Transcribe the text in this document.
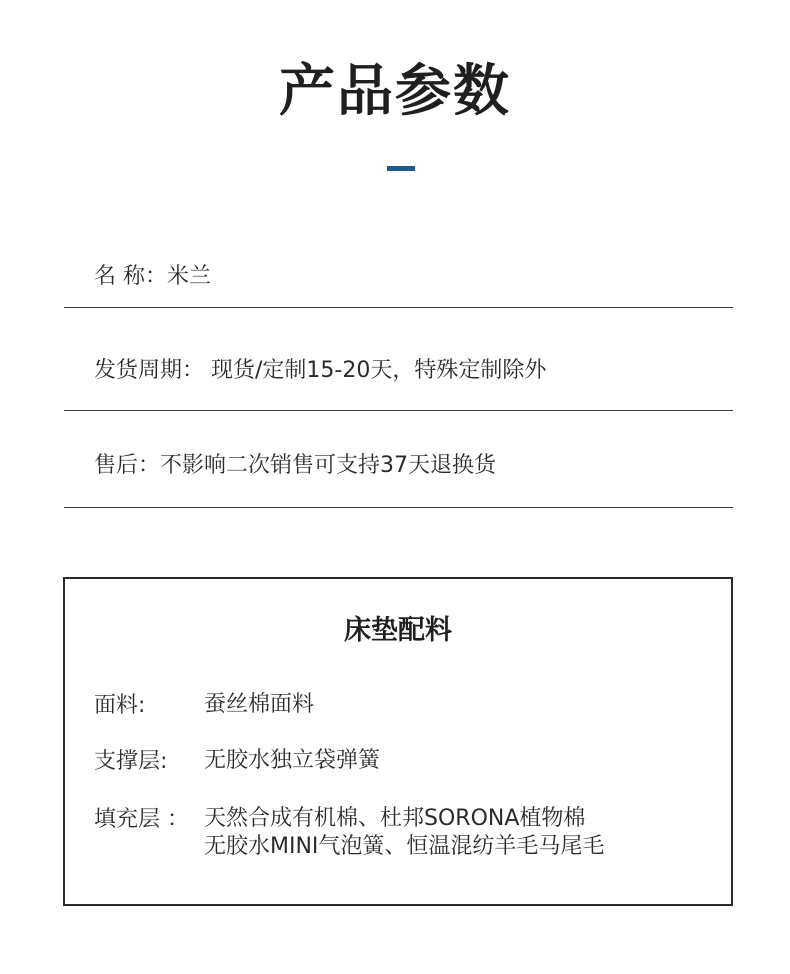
产品参数
名 称：米兰
发货周期： 现货/定制15-20天，特殊定制除外
售后：不影响二次销售可支持37天退换货
床垫配料
面料:	蚕丝棉面料
支撑层: 无胶水独立袋弹簧
填充层 ： 天然合成有机棉、杜邦SORONA植物棉
无胶水MINI气泡簧、恒温混纺羊毛马尾毛
